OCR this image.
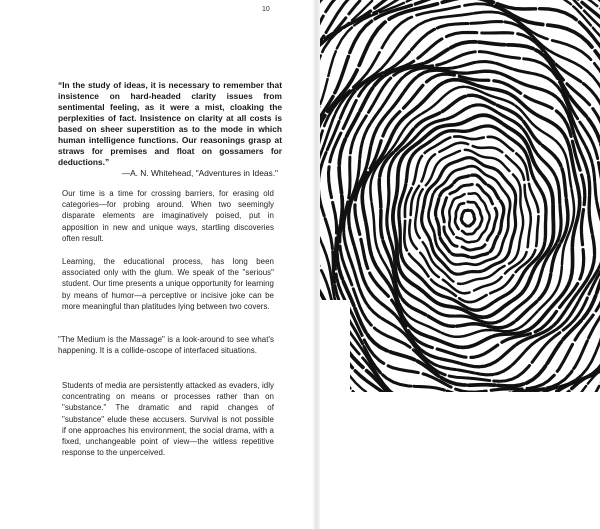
10

“In the study of ideas, it is necessary to remember that insistence on hard-headed clarity issues from sentimental feeling, as it were a mist, cloaking the perplexities of fact. Insistence on clarity at all costs is based on sheer superstition as to the mode in which human intelligence functions. Our reasonings grasp at straws for premises and float on gossamers for deductions.”

—A. N. Whitehead, "Adventures in Ideas."

Our time is a time for crossing barriers, for erasing old categories—for probing around. When two seemingly disparate elements are imaginatively poised, put in apposition in new and unique ways, startling discoveries often result.

Learning, the educational process, has long been associated only with the glum. We speak of the "serious" student. Our time presents a unique opportunity for learning by means of humor—a perceptive or incisive joke can be more meaningful than platitudes lying between two covers.

"The Medium is the Massage" is a look-around to see what's happening. It is a collide-oscope of interfaced situations.

Students of media are persistently attacked as evaders, idly concentrating on means or processes rather than on "substance." The dramatic and rapid changes of "substance" elude these accusers. Survival is not possible if one approaches his environment, the social drama, with a fixed, unchangeable point of view—the witless repetitive response to the unperceived.
